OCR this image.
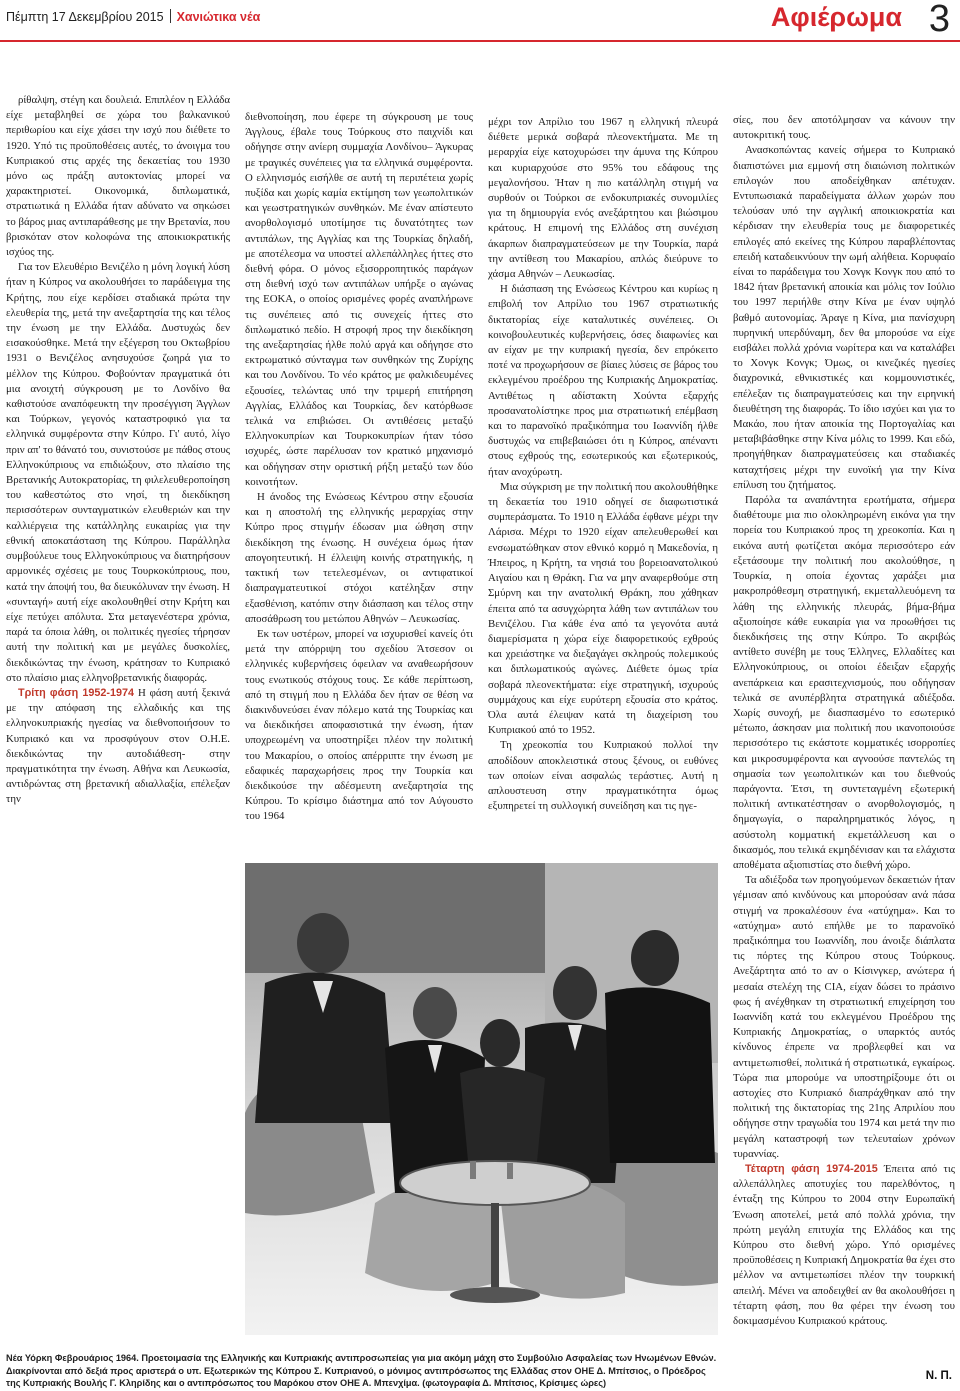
Πέμπτη 17 Δεκεμβρίου 2015 Χανιώτικα νέα	Αφιέρωμα 3

ρίθαλψη, στέγη και δουλειά. Επιπλέον η Ελλάδα είχε μεταβληθεί σε χώρα του βαλκανικού περιθωρίου και είχε χάσει την ισχύ που διέθετε το 1920. Υπό τις προϋποθέσεις αυτές, το άνοιγμα του Κυπριακού στις αρχές της δεκαετίας του 1930 μόνο ως πράξη αυτοκτονίας μπορεί να χαρακτηριστεί. Οικονομικά, διπλωματικά, στρατιωτικά η Ελλάδα ήταν αδύνατο να σηκώσει το βάρος μιας αντιπαράθεσης με την Βρετανία, που βρισκόταν στον κολοφώνα της αποικιοκρατικής ισχύος της.

Για τον Ελευθέριο Βενιζέλο η μόνη λογική λύση ήταν η Κύπρος να ακολουθήσει το παράδειγμα της Κρήτης, που είχε κερδίσει σταδιακά πρώτα την ελευθερία της, μετά την ανεξαρτησία της και τέλος την ένωση με την Ελλάδα. Δυστυχώς δεν εισακούσθηκε. Μετά την εξέγερση του Οκτωβρίου 1931 ο Βενιζέλος ανησυχούσε ζωηρά για το μέλλον της Κύπρου. Φοβούνταν πραγματικά ότι μια ανοιχτή σύγκρουση με το Λονδίνο θα καθιστούσε αναπόφευκτη την προσέγγιση Άγγλων και Τούρκων, γεγονός καταστροφικό για τα ελληνικά συμφέροντα στην Κύπρο. Γι' αυτό, λίγο πριν απ' το θάνατό του, συνιστούσε με πάθος στους Ελληνοκύπριους να επιδιώξουν, στο πλαίσιο της Βρετανικής Αυτοκρατορίας, τη φιλελευθεροποίηση του καθεστώτος στο νησί, τη διεκδίκηση περισσότερων συνταγματικών ελευθεριών και την καλλιέργεια της κατάλληλης ευκαιρίας για την εθνική αποκατάσταση της Κύπρου. Παράλληλα συμβούλευε τους Ελληνοκύπριους να διατηρήσουν αρμονικές σχέσεις με τους Τουρκοκύπριους, που, κατά την άποψή του, θα διευκόλυναν την ένωση. Η «συνταγή» αυτή είχε ακολουθηθεί στην Κρήτη και είχε πετύχει απόλυτα. Στα μεταγενέστερα χρόνια, παρά τα όποια λάθη, οι πολιτικές ηγεσίες τήρησαν αυτή την πολιτική και με μεγάλες δυσκολίες, διεκδικώντας την ένωση, κράτησαν το Κυπριακό στο πλαίσιο μιας ελληνοβρετανικής διαφοράς.

Τρίτη φάση 1952-1974 Η φάση αυτή ξεκινά με την απόφαση της ελλαδικής και της ελληνοκυπριακής ηγεσίας να διεθνοποιήσουν το Κυπριακό και να προσφύγουν στον Ο.Η.Ε. διεκδικώντας την αυτοδιάθεση- στην πραγματικότητα την ένωση. Αθήνα και Λευκωσία, αντιδρώντας στη βρετανική αδιαλλαξία, επέλεξαν την

διεθνοποίηση, που έφερε τη σύγκρουση με τους Άγγλους, έβαλε τους Τούρκους στο παιχνίδι και οδήγησε στην ανίερη συμμαχία Λονδίνου– Άγκυρας με τραγικές συνέπειες για τα ελληνικά συμφέροντα. Ο ελληνισμός εισήλθε σε αυτή τη περιπέτεια χωρίς πυξίδα και χωρίς καμία εκτίμηση των γεωπολιτικών και γεωστρατηγικών συνθηκών. Με έναν απίστευτο ανορθολογισμό υποτίμησε τις δυνατότητες των αντιπάλων, της Αγγλίας και της Τουρκίας δηλαδή, με αποτέλεσμα να υποστεί αλλεπάλληλες ήττες στο διεθνή φόρα. Ο μόνος εξισορροπητικός παράγων στη διεθνή ισχύ των αντιπάλων υπήρξε ο αγώνας της ΕΟΚΑ, ο οποίος ορισμένες φορές αναπλήρωνε τις συνέπειες από τις συνεχείς ήττες στο διπλωματικό πεδίο. Η στροφή προς την διεκδίκηση της ανεξαρτησίας ήλθε πολύ αργά και οδήγησε στο εκτρωματικό σύνταγμα των συνθηκών της Ζυρίχης και του Λονδίνου. Το νέο κράτος με φαλκιδευμένες εξουσίες, τελώντας υπό την τριμερή επιτήρηση Αγγλίας, Ελλάδος και Τουρκίας, δεν κατόρθωσε τελικά να επιβιώσει. Οι αντιθέσεις μεταξύ Ελληνοκυπρίων και Τουρκοκυπρίων ήταν τόσο ισχυρές, ώστε παρέλυσαν τον κρατικό μηχανισμό και οδήγησαν στην οριστική ρήξη μεταξύ των δύο κοινοτήτων.

Η άνοδος της Ενώσεως Κέντρου στην εξουσία και η αποστολή της ελληνικής μεραρχίας στην Κύπρο προς στιγμήν έδωσαν μια ώθηση στην διεκδίκηση της ένωσης. Η συνέχεια όμως ήταν απογοητευτική. Η έλλειψη κοινής στρατηγικής, η τακτική των τετελεσμένων, οι αντιφατικοί διαπραγματευτικοί στόχοι κατέληξαν στην εξασθένιση, κατόπιν στην διάσπαση και τέλος στην αποσάθρωση του μετώπου Αθηνών – Λευκωσίας.

Εκ των υστέρων, μπορεί να ισχυρισθεί κανείς ότι μετά την απόρριψη του σχεδίου Άτσεσον οι ελληνικές κυβερνήσεις όφειλαν να αναθεωρήσουν τους ενωτικούς στόχους τους. Σε κάθε περίπτωση, από τη στιγμή που η Ελλάδα δεν ήταν σε θέση να διακινδυνεύσει έναν πόλεμο κατά της Τουρκίας και να διεκδικήσει αποφασιστικά την ένωση, ήταν υποχρεωμένη να υποστηρίξει πλέον την πολιτική του Μακαρίου, ο οποίος απέρριπτε την ένωση με εδαφικές παραχωρήσεις προς την Τουρκία και διεκδικούσε την αδέσμευτη ανεξαρτησία της Κύπρου. Το κρίσιμο διάστημα από τον Αύγουστο του 1964

μέχρι τον Απρίλιο του 1967 η ελληνική πλευρά διέθετε μερικά σοβαρά πλεονεκτήματα. Με τη μεραρχία είχε κατοχυρώσει την άμυνα της Κύπρου και κυριαρχούσε στο 95% του εδάφους της μεγαλονήσου. Ήταν η πιο κατάλληλη στιγμή να συρθούν οι Τούρκοι σε ενδοκυπριακές συνομιλίες για τη δημιουργία ενός ανεξάρτητου και βιώσιμου κράτους. Η επιμονή της Ελλάδος στη συνέχιση άκαρπων διαπραγματεύσεων με την Τουρκία, παρά την αντίθεση του Μακαρίου, απλώς διεύρυνε το χάσμα Αθηνών – Λευκωσίας.

Η διάσπαση της Ενώσεως Κέντρου και κυρίως η επιβολή τον Απρίλιο του 1967 στρατιωτικής δικτατορίας είχε καταλυτικές συνέπειες. Οι κοινοβουλευτικές κυβερνήσεις, όσες διαφωνίες και αν είχαν με την κυπριακή ηγεσία, δεν επρόκειτο ποτέ να προχωρήσουν σε βίαιες λύσεις σε βάρος του εκλεγμένου προέδρου της Κυπριακής Δημοκρατίας. Αντιθέτως η αδίστακτη Χούντα εξαρχής προσανατολίστηκε προς μια στρατιωτική επέμβαση και το παρανοϊκό πραξικόπημα του Ιωαννίδη ήλθε δυστυχώς να επιβεβαιώσει ότι η Κύπρος, απέναντι στους εχθρούς της, εσωτερικούς και εξωτερικούς, ήταν ανοχύρωτη.

Μια σύγκριση με την πολιτική που ακολουθήθηκε τη δεκαετία του 1910 οδηγεί σε διαφωτιστικά συμπεράσματα. Το 1910 η Ελλάδα έφθανε μέχρι την Λάρισα. Μέχρι το 1920 είχαν απελευθερωθεί και ενσωματώθηκαν στον εθνικό κορμό η Μακεδονία, η Ήπειρος, η Κρήτη, τα νησιά του βορειοανατολικού Αιγαίου και η Θράκη. Για να μην αναφερθούμε στη Σμύρνη και την ανατολική Θράκη, που χάθηκαν έπειτα από τα ασυγχώρητα λάθη των αντιπάλων του Βενιζέλου. Για κάθε ένα από τα γεγονότα αυτά διαμερίσματα η χώρα είχε διαφορετικούς εχθρούς και χρειάστηκε να διεξαγάγει σκληρούς πολεμικούς και διπλωματικούς αγώνες. Διέθετε όμως τρία σοβαρά πλεονεκτήματα: είχε στρατηγική, ισχυρούς συμμάχους και είχε ευρύτερη εξουσία στο κράτος. Όλα αυτά έλειψαν κατά τη διαχείριση του Κυπριακού από το 1952.

Τη χρεοκοπία του Κυπριακού πολλοί την αποδίδουν αποκλειστικά στους ξένους, οι ευθύνες των οποίων είναι ασφαλώς τεράστιες. Αυτή η απλουστευση στην πραγματικότητα όμως εξυπηρετεί τη συλλογική συνείδηση και τις ηγε-

σίες, που δεν αποτόλμησαν να κάνουν την αυτοκριτική τους.

Ανασκοπώντας κανείς σήμερα το Κυπριακό διαπιστώνει μια εμμονή στη διαιώνιση πολιτικών επιλογών που αποδείχθηκαν απέτυχαν. Εντυπωσιακά παραδείγματα άλλων χωρών που τελούσαν υπό την αγγλική αποικιοκρατία και κέρδισαν την ελευθερία τους με διαφορετικές επιλογές από εκείνες της Κύπρου παραβλέποντας επειδή καταδεικνύουν την ωμή αλήθεια. Κορυφαίο είναι το παράδειγμα του Χονγκ Κονγκ που από το 1842 ήταν βρετανική αποικία και μόλις τον Ιούλιο του 1997 περιήλθε στην Κίνα με έναν υψηλό βαθμό αυτονομίας. Άραγε η Κίνα, μια πανίσχυρη πυρηνική υπερδύναμη, δεν θα μπορούσε να είχε εισβάλει πολλά χρόνια νωρίτερα και να καταλάβει το Χονγκ Κονγκ; Όμως, οι κινεζικές ηγεσίες διαχρονικά, εθνικιστικές και κομμουνιστικές, επέλεξαν τις διαπραγματεύσεις και την ειρηνική διευθέτηση της διαφοράς. Το ίδιο ισχύει και για το Μακάο, που ήταν αποικία της Πορτογαλίας και μεταβιβάσθηκε στην Κίνα μόλις το 1999. Και εδώ, προηγήθηκαν διαπραγματεύσεις και σταδιακές καταχτήσεις μέχρι την ευνοϊκή για την Κίνα επίλυση του ζητήματος.

Παρόλα τα αναπάντητα ερωτήματα, σήμερα διαθέτουμε μια πιο ολοκληρωμένη εικόνα για την πορεία του Κυπριακού προς τη χρεοκοπία. Και η εικόνα αυτή φωτίζεται ακόμα περισσότερο εάν εξετάσουμε την πολιτική που ακολούθησε, η Τουρκία, η οποία έχοντας χαράξει μια μακροπρόθεσμη στρατηγική, εκμεταλλευόμενη τα λάθη της ελληνικής πλευράς, βήμα-βήμα αξιοποίησε κάθε ευκαιρία για να προωθήσει τις διεκδικήσεις της στην Κύπρο. Το ακριβώς αντίθετο συνέβη με τους Έλληνες, Ελλαδίτες και Ελληνοκύπριους, οι οποίοι έδειξαν εξαρχής ανεπάρκεια και ερασιτεχνισμούς, που οδήγησαν τελικά σε ανυπέρβλητα στρατηγικά αδιέξοδα. Χωρίς συνοχή, με διασπασμένο το εσωτερικό μέτωπο, άσκησαν μια πολιτική που ικανοποιούσε περισσότερο τις εκάστοτε κομματικές ισορροπίες και μικροσυμφέροντα και αγνοούσε παντελώς τη σημασία των γεωπολιτικών και του διεθνούς παράγοντα. Έτσι, τη συντεταγμένη εξωτερική πολιτική αντικατέστησαν ο ανορθολογισμός, η δημαγωγία, ο παραληρηματικός λόγος, η ασύστολη κομματική εκμετάλλευση και ο δικασμός, που τελικά εκμηδένισαν και τα ελάχιστα αποθέματα αξιοπιστίας στο διεθνή χώρο.

Τα αδιέξοδα των προηγούμενων δεκαετιών ήταν γέμισαν από κινδύνους και μπορούσαν ανά πάσα στιγμή να προκαλέσουν ένα «ατύχημα». Και το «ατύχημα» αυτό επήλθε με το παρανοϊκό πραξικόπημα του Ιωαννίδη, που άνοιξε διάπλατα τις πόρτες της Κύπρου στους Τούρκους. Ανεξάρτητα από το αν ο Κίσινγκερ, ανώτερα ή μεσαία στελέχη της CIA, είχαν δώσει το πράσινο φως ή ανέχθηκαν τη στρατιωτική επιχείρηση του Ιωαννίδη κατά του εκλεγμένου Προέδρου της Κυπριακής Δημοκρατίας, ο υπαρκτός αυτός κίνδυνος έπρεπε να προβλεφθεί και να αντιμετωπισθεί, πολιτικά ή στρατιωτικά, εγκαίρως. Τώρα πια μπορούμε να υποστηρίξουμε ότι οι αστοχίες στο Κυπριακό διαπράχθηκαν από την πολιτική της δικτατορίας της 21ης Απριλίου που οδήγησε στην τραγωδία του 1974 και μετά την πιο μεγάλη καταστροφή των τελευταίων χρόνων τυραννίας.

Τέταρτη φάση 1974-2015 Έπειτα από τις αλλεπάλληλες αποτυχίες του παρελθόντος, η ένταξη της Κύπρου το 2004 στην Ευρωπαϊκή Ένωση αποτελεί, μετά από πολλά χρόνια, την πρώτη μεγάλη επιτυχία της Ελλάδος και της Κύπρου στο διεθνή χώρο. Υπό ορισμένες προϋποθέσεις η Κυπριακή Δημοκρατία θα έχει στο μέλλον να αντιμετωπίσει πλέον την τουρκική απειλή. Μένει να αποδειχθεί αν θα ακολουθήσει η τέταρτη φάση, που θα φέρει την ένωση του δοκιμασμένου Κυπριακού κράτους.

Νέα Υόρκη Φεβρουάριος 1964. Προετοιμασία της Ελληνικής και Κυπριακής αντιπροσωπείας για μια ακόμη μάχη στο Συμβούλιο Ασφαλείας των Ηνωμένων Εθνών. Διακρίνονται από δεξιά προς αριστερά ο υπ. Εξωτερικών της Κύπρου Σ. Κυπριανού, ο μόνιμος αντιπρόσωπος της Ελλάδας στον ΟΗΕ Δ. Μπίτσιος, ο Πρόεδρος της Κυπριακής Βουλής Γ. Κληρίδης και ο αντιπρόσωπος του Μαρόκου στον ΟΗΕ Α. Μπενχίμα. (φωτογραφία Δ. Μπίτσιος, Κρίσιμες ώρες)
Ν. Π.
